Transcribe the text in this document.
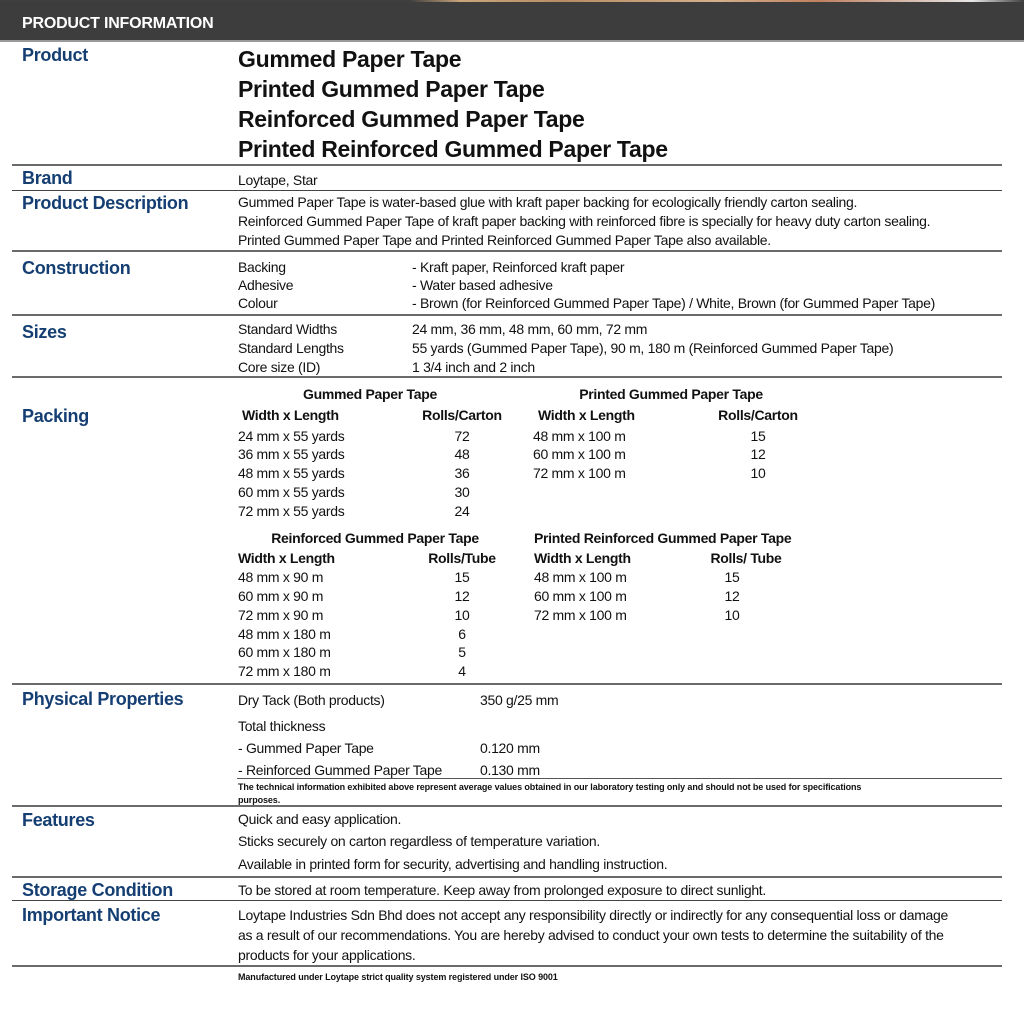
PRODUCT INFORMATION
Product	Gummed Paper Tape
Printed Gummed Paper Tape
Reinforced Gummed Paper Tape
Printed Reinforced Gummed Paper Tape
Brand	Loytape, Star
Product Description	Gummed Paper Tape is water-based glue with kraft paper backing for ecologically friendly carton sealing.
Reinforced Gummed Paper Tape of kraft paper backing with reinforced fibre is specially for heavy duty carton sealing.
Printed Gummed Paper Tape and Printed Reinforced Gummed Paper Tape also available.
Construction	Backing	- Kraft paper, Reinforced kraft paper
Adhesive	- Water based adhesive
Colour	- Brown (for Reinforced Gummed Paper Tape) / White, Brown (for Gummed Paper Tape)
Sizes	Standard Widths	24 mm, 36 mm, 48 mm, 60 mm, 72 mm
Standard Lengths	55 yards (Gummed Paper Tape), 90 m, 180 m (Reinforced Gummed Paper Tape)
Core size (ID)	1 3/4 inch and 2 inch
Packing
Gummed Paper Tape
Width x Length	Rolls/Carton
24 mm x 55 yards	72
36 mm x 55 yards	48
48 mm x 55 yards	36
60 mm x 55 yards	30
72 mm x 55 yards	24
Printed Gummed Paper Tape
Width x Length	Rolls/Carton
48 mm x 100 m	15
60 mm x 100 m	12
72 mm x 100 m	10
Reinforced Gummed Paper Tape
Width x Length	Rolls/Tube
48 mm x 90 m	15
60 mm x 90 m	12
72 mm x 90 m	10
48 mm x 180 m	6
60 mm x 180 m	5
72 mm x 180 m	4
Printed Reinforced Gummed Paper Tape
Width x Length	Rolls/ Tube
48 mm x 100 m	15
60 mm x 100 m	12
72 mm x 100 m	10
Physical Properties	Dry Tack (Both products)	350 g/25 mm
Total thickness
- Gummed Paper Tape	0.120 mm
- Reinforced Gummed Paper Tape	0.130 mm
The technical information exhibited above represent average values obtained in our laboratory testing only and should not be used for specifications
purposes.
Features	Quick and easy application.
Sticks securely on carton regardless of temperature variation.
Available in printed form for security, advertising and handling instruction.
Storage Condition	To be stored at room temperature. Keep away from prolonged exposure to direct sunlight.
Important Notice	Loytape Industries Sdn Bhd does not accept any responsibility directly or indirectly for any consequential loss or damage
as a result of our recommendations. You are hereby advised to conduct your own tests to determine the suitability of the
products for your applications.
Manufactured under Loytape strict quality system registered under ISO 9001
